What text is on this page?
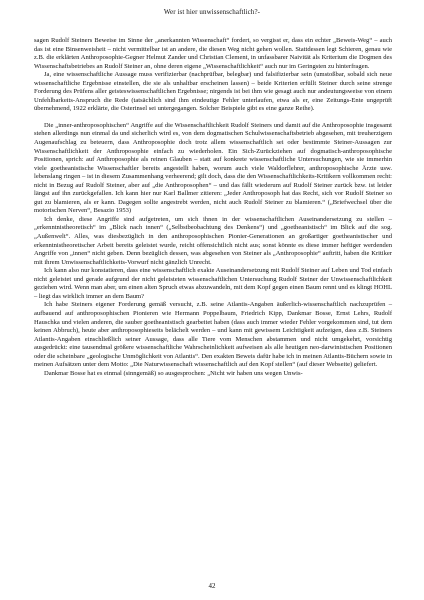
Wer ist hier unwissenschaftlich?-

sagen Rudolf Steiners Beweise im Sinne der „anerkannten Wissenschaft“ fordert, so vergisst er, dass ein echter „Beweis-Weg“ – auch das ist eine Binsenweisheit – nicht vermittelbar ist an andere, die diesen Weg nicht gehen wollen. Stattdessen legt Schieren, genau wie z.B. die erklärten Anthroposophie-Gegner Helmut Zander und Christian Clement, in unfassbarer Naivität als Kriterium die Dogmen des Wissenschaftsbetriebes an Rudolf Steiner an, ohne deren eigene „Wissenschaftlichkeit“ auch nur im Geringsten zu hinterfragen.

Ja, eine wissenschaftliche Aussage muss verifizierbar (nachprüfbar, belegbar) und falsifizierbar sein (umstoßbar, sobald sich neue wissenschaftliche Ergebnisse einstellen, die sie als unhaltbar erscheinen lassen) – beide Kriterien erfüllt Steiner durch seine strenge Forderung des Prüfens aller geisteswissenschaftlichen Ergebnisse; nirgends ist bei ihm wie gesagt auch nur andeutungsweise von einem Unfehlbarkeits-Anspruch die Rede (tatsächlich sind ihm eindeutige Fehler unterlaufen, etwa als er, eine Zeitungs-Ente ungeprüft übernehmend, 1922 erklärte, die Osterinsel sei untergegangen. Solcher Beispiele gibt es eine ganze Reihe).

Die „inner-anthroposophischen“ Angriffe auf die Wissenschaftlichkeit Rudolf Steiners und damit auf die Anthroposophie insgesamt stehen allerdings nun einmal da und sicherlich wird es, von dem dogmatischen Schulwissenschaftsbetrieb abgesehen, mit treuherzigem Augenaufschlag zu beteuern, dass Anthroposophie doch trotz allem wissenschaftlich sei oder bestimmte Steiner-Aussagen zur Wissenschaftlichkeit der Anthroposophie einfach zu wiederholen. Ein Sich-Zurückziehen auf dogmatisch-anthroposophische Positionen, sprich: auf Anthroposophie als reinen Glauben – statt auf konkrete wissenschaftliche Untersuchungen, wie sie immerhin viele goetheanistische Wissenschaftler bereits angestellt haben, worum auch viele Waldorflehrer, anthroposophische Ärzte usw. lebenslang ringen – ist in diesem Zusammenhang verheerend; gilt doch, dass die den Wissenschaftlichkeits-Kritikern vollkommen recht: nicht in Bezug auf Rudolf Steiner, aber auf „die Anthroposophen“ – und das fällt wiederum auf Rudolf Steiner zurück bzw. ist leider längst auf ihn zurückgefallen. Ich kann hier nur Karl Ballmer zitieren: „Jeder Anthroposoph hat das Recht, sich vor Rudolf Steiner so gut zu blamieren, als er kann. Dagegen sollte angestrebt werden, nicht auch Rudolf Steiner zu blamieren.“ („Briefwechsel über die motorischen Nerven“, Besazio 1953)

Ich denke, diese Angriffe sind aufgetreten, um sich ihnen in der wissenschaftlichen Auseinandersetzung zu stellen – „erkenntnistheoretisch“ im „Blick nach innen“ („Selbstbeobachtung des Denkens“) und „goetheanistisch“ im Blick auf die sog. „Außenwelt“. Alles, was diesbezüglich in den anthroposophischen Pionier-Generationen an großartiger goetheanistischer und erkenntnistheoretischer Arbeit bereits geleistet wurde, reicht offensichtlich nicht aus; sonst könnte es diese immer heftiger werdenden Angriffe von „innen“ nicht geben. Denn bezüglich dessen, was abgesehen von Steiner als „Anthroposophie“ auftritt, haben die Kritiker mit ihrem Unwissenschaftlichkeits-Vorwurf nicht gänzlich Unrecht.

Ich kann also nur konstatieren, dass eine wissenschaftlich exakte Auseinandersetzung mit Rudolf Steiner auf Leben und Tod einfach nicht geleistet und gerade aufgrund der nicht geleisteten wissenschaftlichen Untersuchung Rudolf Steiner der Unwissenschaftlichkeit geziehen wird. Wenn man aber, um einen alten Spruch etwas abzuwandeln, mit dem Kopf gegen einen Baum rennt und es klingt HOHL – liegt das wirklich immer an dem Baum?

Ich habe Steiners eigener Forderung gemäß versucht, z.B. seine Atlantis-Angaben äußerlich-wissenschaftlich nachzuprüfen – aufbauend auf anthroposophischen Pionieren wie Hermann Poppelbaum, Friedrich Kipp, Dankmar Bosse, Ernst Lehrs, Rudolf Hauschka und vielen anderen, die sauber goetheanistisch gearbeitet haben (dass auch immer wieder Fehler vorgekommen sind, tut dem keinen Abbruch), heute aber anthroposophieseits belächelt werden – und kann mit gewissem Leichtigkeit aufzeigen, dass z.B. Steiners Atlantis-Angaben einschließlich seiner Aussage, dass alle Tiere vom Menschen abstammen und nicht umgekehrt, vorsichtig ausgedrückt: eine tausendmal größere wissenschaftliche Wahrscheinlichkeit aufweisen als alle heutigen neo-darwinistischen Positionen oder die scheinbare „geologische Unmöglichkeit von Atlantis“. Den exakten Beweis dafür habe ich in meinen Atlantis-Büchern sowie in meinen Aufsätzen unter dem Motto: „Die Naturwissenschaft wissenschaftlich auf den Kopf stellen“ (auf dieser Webseite) geliefert.

Dankmar Bosse hat es einmal (sinngemäß) so ausgesprochen: „Nicht wir haben uns wegen Unwis-

42
